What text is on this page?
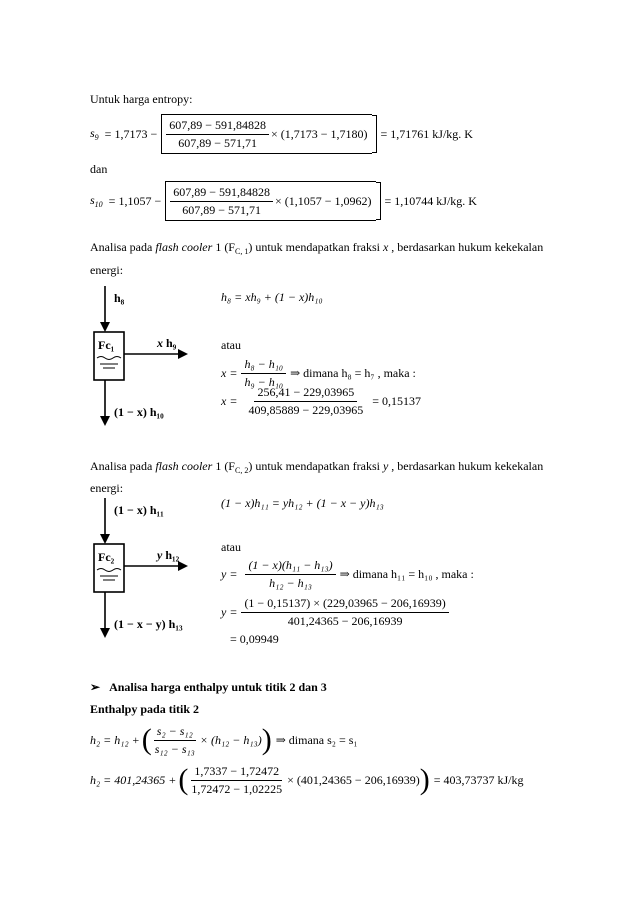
Untuk harga entropy:
$s_9 = 1,7173 - \frac{607,89 - 591,84828}{607,89 - 571,71} \times (1,7173 - 1,7180) = 1,71761$ kJ/kg. K
dan
$s_{10} = 1,1057 - \frac{607,89 - 591,84828}{607,89 - 571,71} \times (1,1057 - 1,0962) = 1,10744$ kJ/kg. K
Analisa pada flash cooler 1 $(F_{C, 1})$ untuk mendapatkan fraksi x , berdasarkan hukum kekekalan
energi:
h₈
Fc₁	x h₉
(1 − x) h₁₀
h₈ = xh₉ + (1 − x)h₁₀
atau
$x = \frac{\text{h₈ − h₁₀}}{\text{h₉ − h₁₀}}$ ⇒ dimana h₈ = h₇ , maka :
$x = \frac{256,41 - 229,03965}{409,85889 - 229,03965} = 0,15137$
Analisa pada flash cooler 1 $(F_{C, 2})$ untuk mendapatkan fraksi y , berdasarkan hukum kekekalan
energi:
(1 − x) h₁₁
Fc₂	y h₁₂
(1 − x − y) h₁₃
(1 − x)h₁₁ = yh₁₂ + (1 − x − y)h₁₃
atau
$y = \frac{\text{(1 − x)(h₁₁ − h₁₃)}}{\text{h₁₂ − h₁₃}}$ ⇒ dimana h₁₁ = h₁₀ , maka :
$y = \frac{(1 - 0,15137) \times (229,03965 - 206,16939)}{401,24365 - 206,16939}$
= 0,09949
➢ Analisa harga enthalpy untuk titik 2 dan 3
Enthalpy pada titik 2
h₂ = h₁₂ + ( $\frac{\text{s₂ − s₁₂}}{\text{s₁₂ − s₁₃}} \times (h_{12} - h_{13})$ ) ⇒ dimana s₂ = s₁
h₂ = 401,24365 + ( $\frac{1,7337 - 1,72472}{1,72472 - 1,02225} \times (401,24365 - 206,16939)$ ) = 403,73737 kJ/kg
